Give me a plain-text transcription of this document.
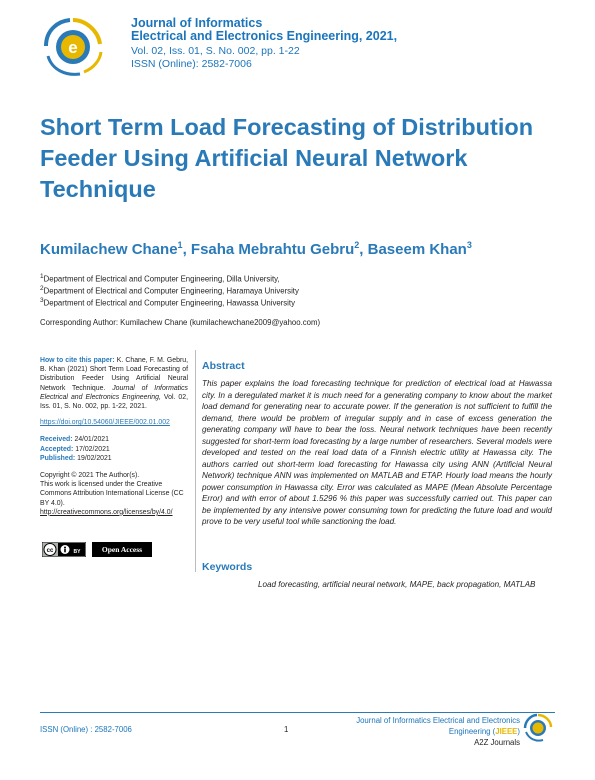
e
Journal of Informatics
Electrical and Electronics Engineering, 2021,
Vol. 02, Iss. 01, S. No. 002, pp. 1-22
ISSN (Online): 2582-7006
Short Term Load Forecasting of Distribution Feeder Using Artificial Neural Network Technique
Kumilachew Chane$^1$, Fsaha Mebrahtu Gebru$^2$, Baseem Khan$^3$
$^1$Department of Electrical and Computer Engineering, Dilla University,
$^2$Department of Electrical and Computer Engineering, Haramaya University
$^3$Department of Electrical and Computer Engineering, Hawassa University
Corresponding Author: Kumilachew Chane (kumilachewchane2009@yahoo.com)

How to cite this paper: K. Chane, F. M. Gebru, B. Khan (2021) Short Term Load Forecasting of Distribution Feeder Using Artificial Neural Network Technique. Journal of Informatics Electrical and Electronics Engineering, Vol. 02, Iss. 01, S. No. 002, pp. 1-22, 2021.

https://doi.org/10.54060/JIEEE/002.01.002

Received: 24/01/2021

Accepted: 17/02/2021

Published: 19/02/2021

Copyright © 2021 The Author(s).

This work is licensed under the Creative Commons Attribution International License (CC BY 4.0).

http://creativecommons.org/licenses/by/4.0/

cc	BY	Open Access
Abstract
This paper explains the load forecasting technique for prediction of electrical load at Hawassa city. In a deregulated market it is much need for a generating company to know about the market load demand for generating near to accurate power. If the generation is not sufficient to fulfill the demand, there would be problem of irregular supply and in case of excess generation the generating company will have to bear the loss. Neural network techniques have been recently suggested for short-term load forecasting by a large number of researchers. Several models were developed and tested on the real load data of a Finnish electric utility at Hawassa city. The authors carried out short-term load forecasting for Hawassa city using ANN (Artificial Neural Network) technique ANN was implemented on MATLAB and ETAP. Hourly load means the hourly power consumption in Hawassa city. Error was calculated as MAPE (Mean Absolute Percentage Error) and with error of about 1.5296 % this paper was successfully carried out. This paper can be implemented by any intensive power consuming town for predicting the future load and would prove to be very useful tool while sanctioning the load.
Keywords
Load forecasting, artificial neural network, MAPE, back propagation, MATLAB
ISSN (Online) : 2582-7006	1
Journal of Informatics Electrical and Electronics
Engineering (JIEEE)
A2Z Journals
